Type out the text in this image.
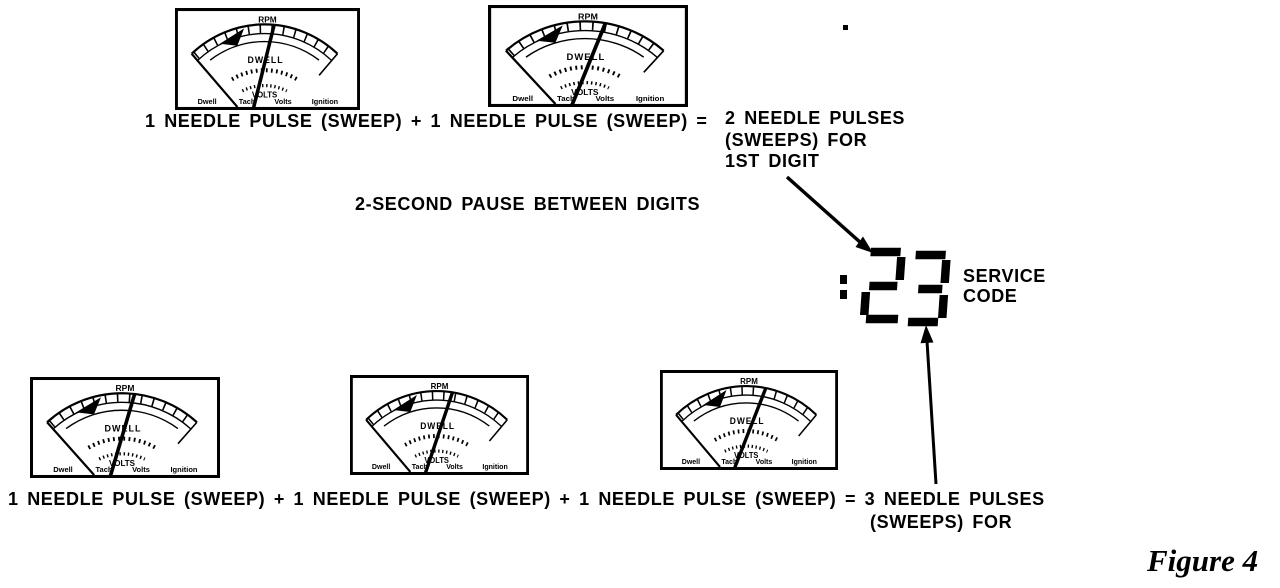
1 NEEDLE PULSE (SWEEP) + 1 NEEDLE PULSE (SWEEP) = 2 NEEDLE PULSES
(SWEEPS) FOR
1ST DIGIT
2-SECOND PAUSE BETWEEN DIGITS
SERVICE
CODE
1 NEEDLE PULSE (SWEEP) + 1 NEEDLE PULSE (SWEEP) + 1 NEEDLE PULSE (SWEEP) = 3 NEEDLE PULSES
(SWEEPS) FOR
Figure 4
